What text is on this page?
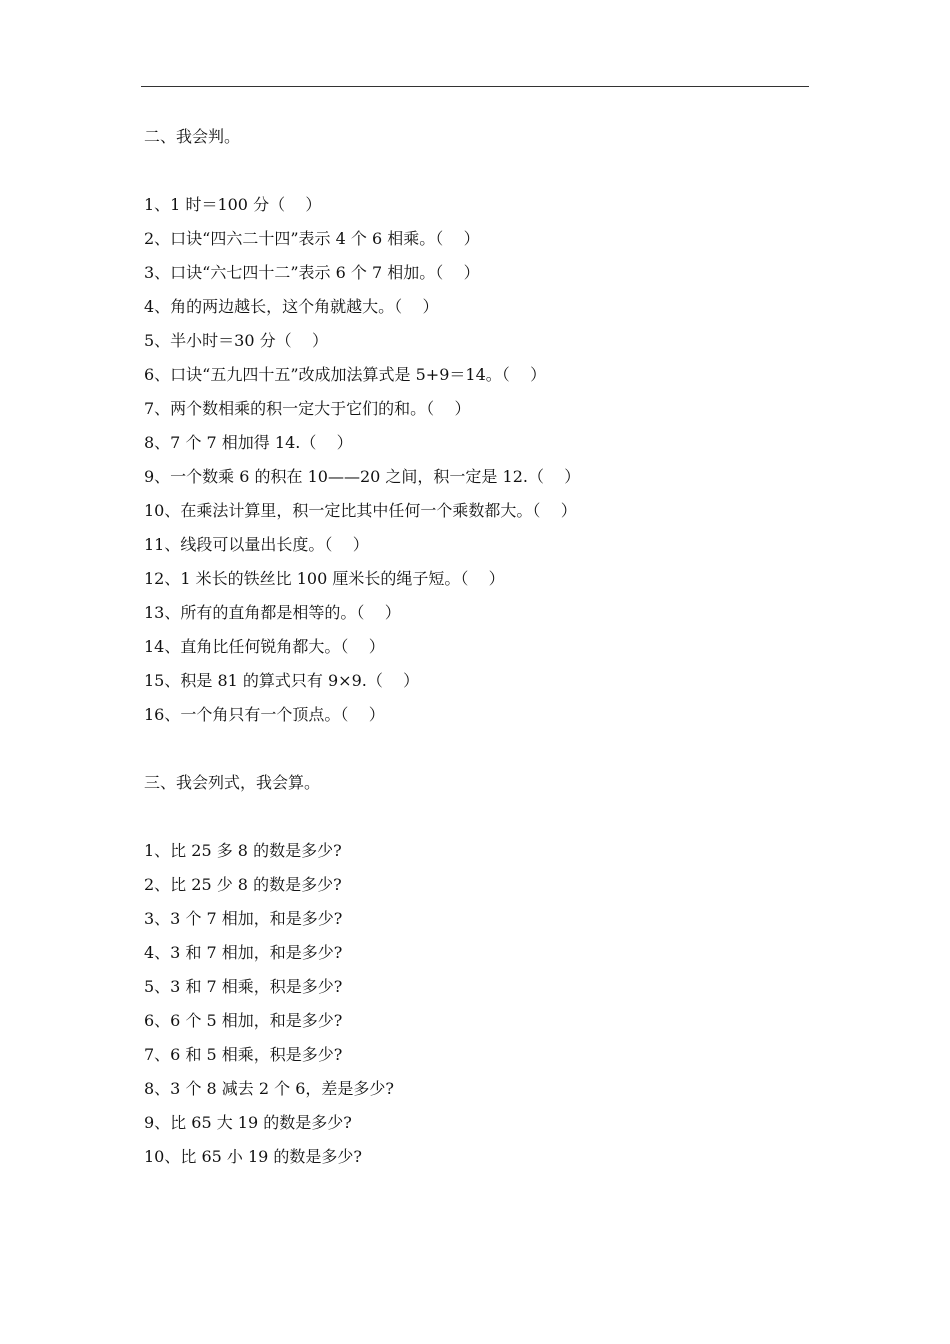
二、我会判。
1、1 时＝100 分（    ）
2、口诀“四六二十四”表示 4 个 6 相乘。（    ）
3、口诀“六七四十二”表示 6 个 7 相加。（    ）
4、角的两边越长，这个角就越大。（    ）
5、半小时＝30 分（    ）
6、口诀“五九四十五”改成加法算式是 5+9＝14。（    ）
7、两个数相乘的积一定大于它们的和。（    ）
8、7 个 7 相加得 14.（    ）
9、一个数乘 6 的积在 10——20 之间，积一定是 12.（    ）
10、在乘法计算里，积一定比其中任何一个乘数都大。（    ）
11、线段可以量出长度。（    ）
12、1 米长的铁丝比 100 厘米长的绳子短。（    ）
13、所有的直角都是相等的。（    ）
14、直角比任何锐角都大。（    ）
15、积是 81 的算式只有 9×9.（    ）
16、一个角只有一个顶点。（    ）
三、我会列式，我会算。
1、比 25 多 8 的数是多少?
2、比 25 少 8 的数是多少?
3、3 个 7 相加，和是多少?
4、3 和 7 相加，和是多少?
5、3 和 7 相乘，积是多少?
6、6 个 5 相加，和是多少?
7、6 和 5 相乘，积是多少?
8、3 个 8 减去 2 个 6，差是多少?
9、比 65 大 19 的数是多少?
10、比 65 小 19 的数是多少?
